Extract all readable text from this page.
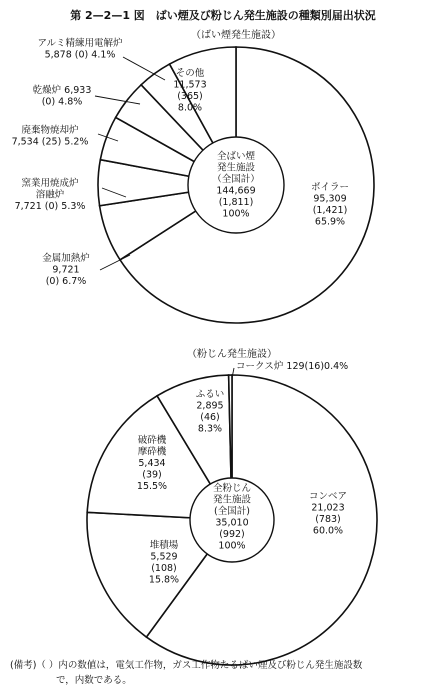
第 2—2—1 図　ばい煙及び粉じん発生施設の種類別届出状況
（ばい煙発生施設）
全ばい煙
発生施設
（全国計）
144,669
(1,811)
100%
ボイラー
95,309
(1,421)
65.9%
金属加熱炉
9,721
(0) 6.7%
窯業用焼成炉
溶融炉
7,721 (0) 5.3%
廃棄物焼却炉
7,534 (25) 5.2%
乾燥炉 6,933
(0) 4.8%
アルミ精練用電解炉
5,878 (0) 4.1%
その他
11,573
(365)
8.0%
（粉じん発生施設）
全粉じん
発生施設
(全国計)
35,010
(992)
100%
コンベア
21,023
(783)
60.0%
堆積場
5,529
(108)
15.8%
破砕機
摩砕機
5,434
(39)
15.5%
ふるい
2,895
(46)
8.3%
コークス炉 129(16)0.4%
(備考)（ ）内の数値は，電気工作物，ガス工作物たるばい煙及び粉じん発生施設数
で，内数である。
